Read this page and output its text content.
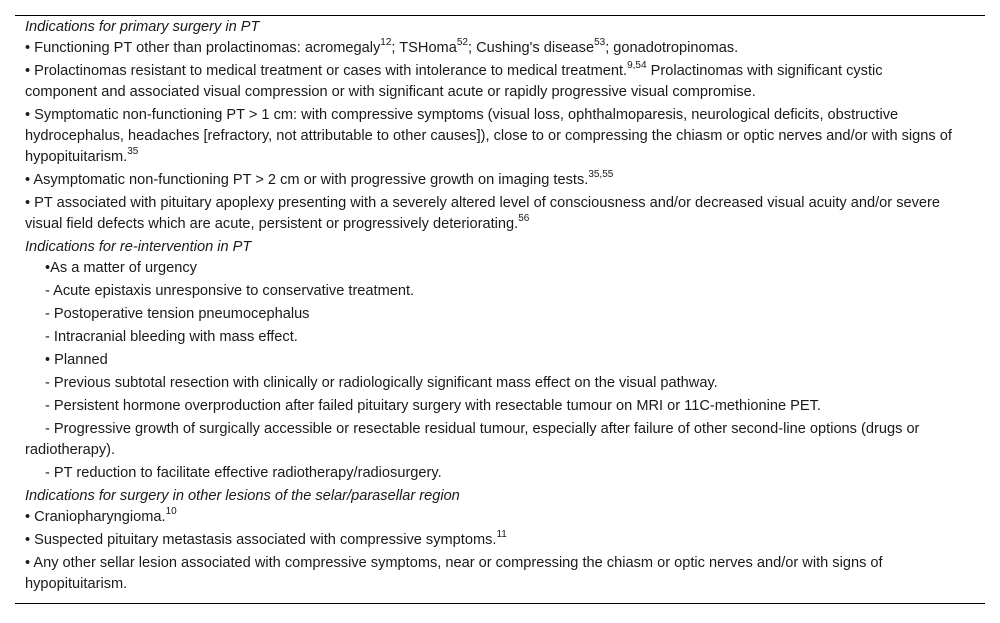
Indications for primary surgery in PT
• Functioning PT other than prolactinomas: acromegaly$^{12}$; TSHoma$^{52}$; Cushing's disease$^{53}$; gonadotropinomas.
• Prolactinomas resistant to medical treatment or cases with intolerance to medical treatment.$^{9,54}$ Prolactinomas with significant cystic component and associated visual compression or with significant acute or rapidly progressive visual compromise.
• Symptomatic non-functioning PT > 1 cm: with compressive symptoms (visual loss, ophthalmoparesis, neurological deficits, obstructive hydrocephalus, headaches [refractory, not attributable to other causes]), close to or compressing the chiasm or optic nerves and/or with signs of hypopituitarism.$^{35}$
• Asymptomatic non-functioning PT > 2 cm or with progressive growth on imaging tests.$^{35,55}$
• PT associated with pituitary apoplexy presenting with a severely altered level of consciousness and/or decreased visual acuity and/or severe visual field defects which are acute, persistent or progressively deteriorating.$^{56}$
Indications for re-intervention in PT
•As a matter of urgency
- Acute epistaxis unresponsive to conservative treatment.
- Postoperative tension pneumocephalus
- Intracranial bleeding with mass effect.
• Planned
- Previous subtotal resection with clinically or radiologically significant mass effect on the visual pathway.
- Persistent hormone overproduction after failed pituitary surgery with resectable tumour on MRI or 11C-methionine PET.
- Progressive growth of surgically accessible or resectable residual tumour, especially after failure of other second-line options (drugs or radiotherapy).
- PT reduction to facilitate effective radiotherapy/radiosurgery.
Indications for surgery in other lesions of the selar/parasellar region
• Craniopharyngioma.$^{10}$
• Suspected pituitary metastasis associated with compressive symptoms.$^{11}$
• Any other sellar lesion associated with compressive symptoms, near or compressing the chiasm or optic nerves and/or with signs of hypopituitarism.
